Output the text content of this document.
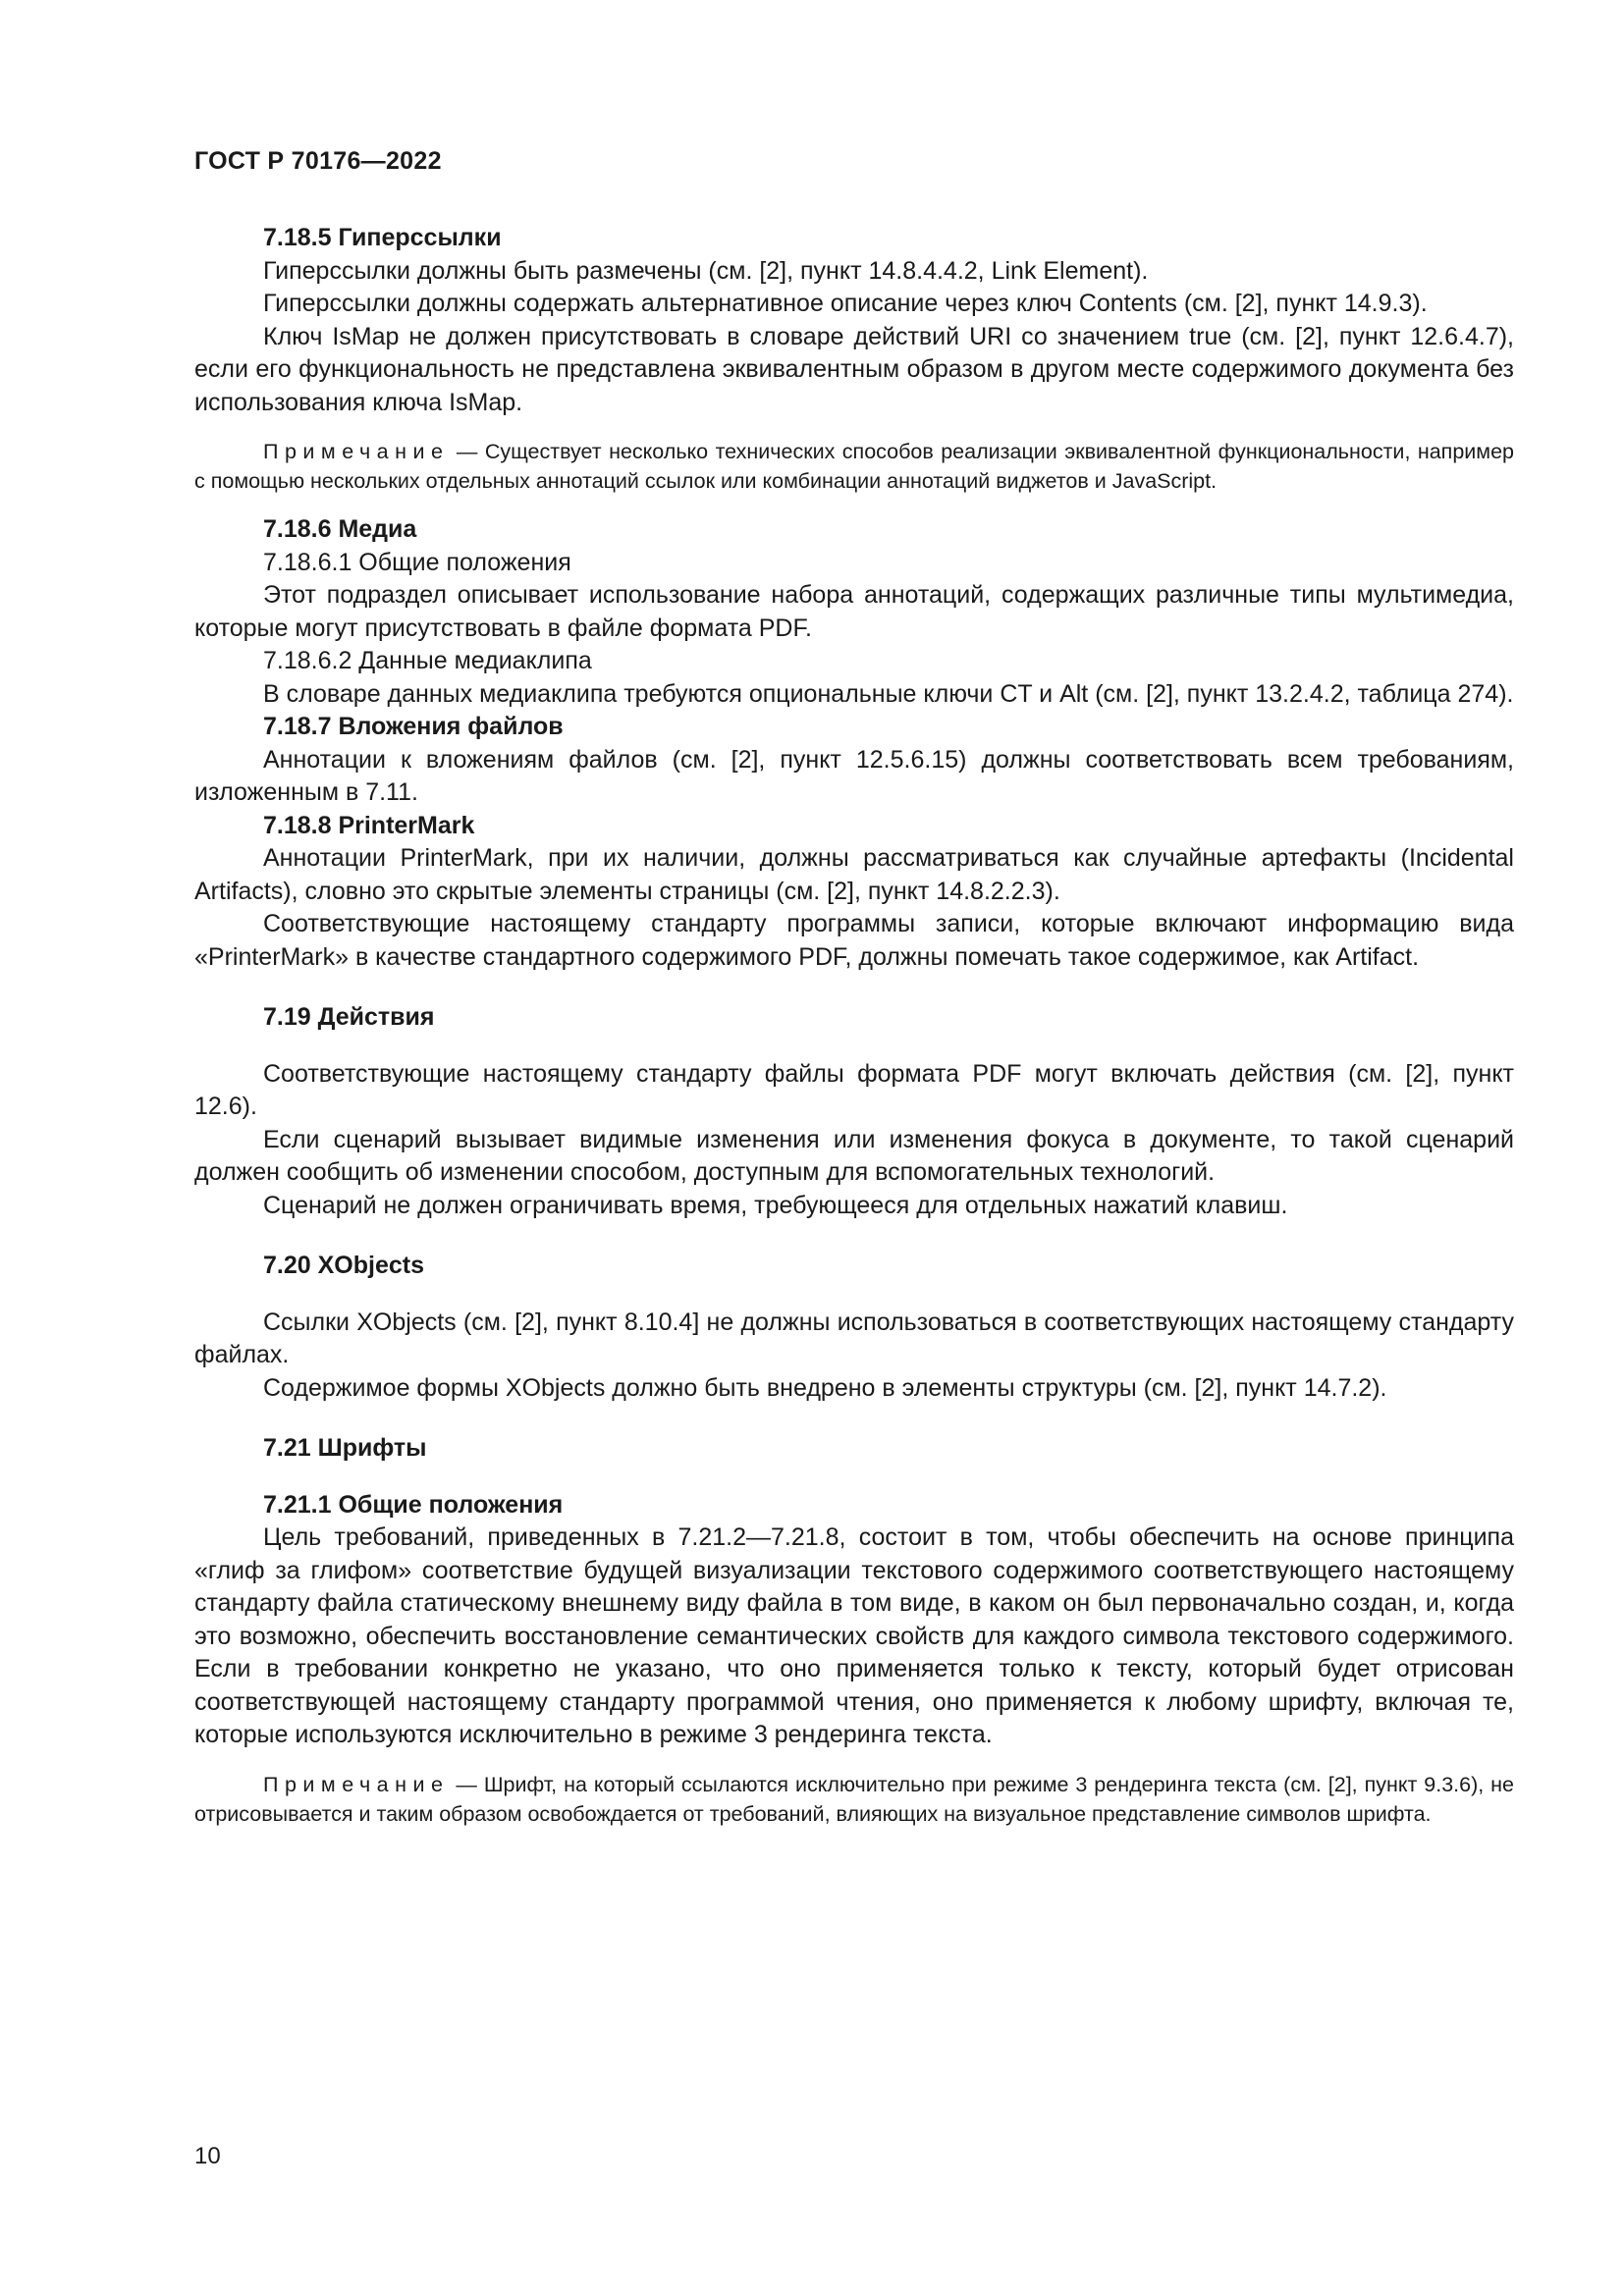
ГОСТ Р 70176—2022
7.18.5 Гиперссылки

Гиперссылки должны быть размечены (см. [2], пункт 14.8.4.4.2, Link Element).

Гиперссылки должны содержать альтернативное описание через ключ Contents (см. [2], пункт 14.9.3).

Ключ IsMap не должен присутствовать в словаре действий URI со значением true (см. [2], пункт 12.6.4.7), если его функциональность не представлена эквивалентным образом в другом месте содержимого документа без использования ключа IsMap.

Примечание — Существует несколько технических способов реализации эквивалентной функциональности, например с помощью нескольких отдельных аннотаций ссылок или комбинации аннотаций виджетов и JavaScript.
7.18.6 Медиа

7.18.6.1 Общие положения

Этот подраздел описывает использование набора аннотаций, содержащих различные типы мультимедиа, которые могут присутствовать в файле формата PDF.

7.18.6.2 Данные медиаклипа

В словаре данных медиаклипа требуются опциональные ключи CT и Alt (см. [2], пункт 13.2.4.2, таблица 274).

7.18.7 Вложения файлов

Аннотации к вложениям файлов (см. [2], пункт 12.5.6.15) должны соответствовать всем требованиям, изложенным в 7.11.

7.18.8 PrinterMark

Аннотации PrinterMark, при их наличии, должны рассматриваться как случайные артефакты (Incidental Artifacts), словно это скрытые элементы страницы (см. [2], пункт 14.8.2.2.3).

Соответствующие настоящему стандарту программы записи, которые включают информацию вида «PrinterMark» в качестве стандартного содержимого PDF, должны помечать такое содержимое, как Artifact.

7.19 Действия

Соответствующие настоящему стандарту файлы формата PDF могут включать действия (см. [2], пункт 12.6).

Если сценарий вызывает видимые изменения или изменения фокуса в документе, то такой сценарий должен сообщить об изменении способом, доступным для вспомогательных технологий.

Сценарий не должен ограничивать время, требующееся для отдельных нажатий клавиш.

7.20 XObjects

Ссылки XObjects (см. [2], пункт 8.10.4] не должны использоваться в соответствующих настоящему стандарту файлах.

Содержимое формы XObjects должно быть внедрено в элементы структуры (см. [2], пункт 14.7.2).

7.21 Шрифты
7.21.1 Общие положения

Цель требований, приведенных в 7.21.2—7.21.8, состоит в том, чтобы обеспечить на основе принципа «глиф за глифом» соответствие будущей визуализации текстового содержимого соответствующего настоящему стандарту файла статическому внешнему виду файла в том виде, в каком он был первоначально создан, и, когда это возможно, обеспечить восстановление семантических свойств для каждого символа текстового содержимого. Если в требовании конкретно не указано, что оно применяется только к тексту, который будет отрисован соответствующей настоящему стандарту программой чтения, оно применяется к любому шрифту, включая те, которые используются исключительно в режиме 3 рендеринга текста.

Примечание — Шрифт, на который ссылаются исключительно при режиме 3 рендеринга текста (см. [2], пункт 9.3.6), не отрисовывается и таким образом освобождается от требований, влияющих на визуальное представление символов шрифта.
10
